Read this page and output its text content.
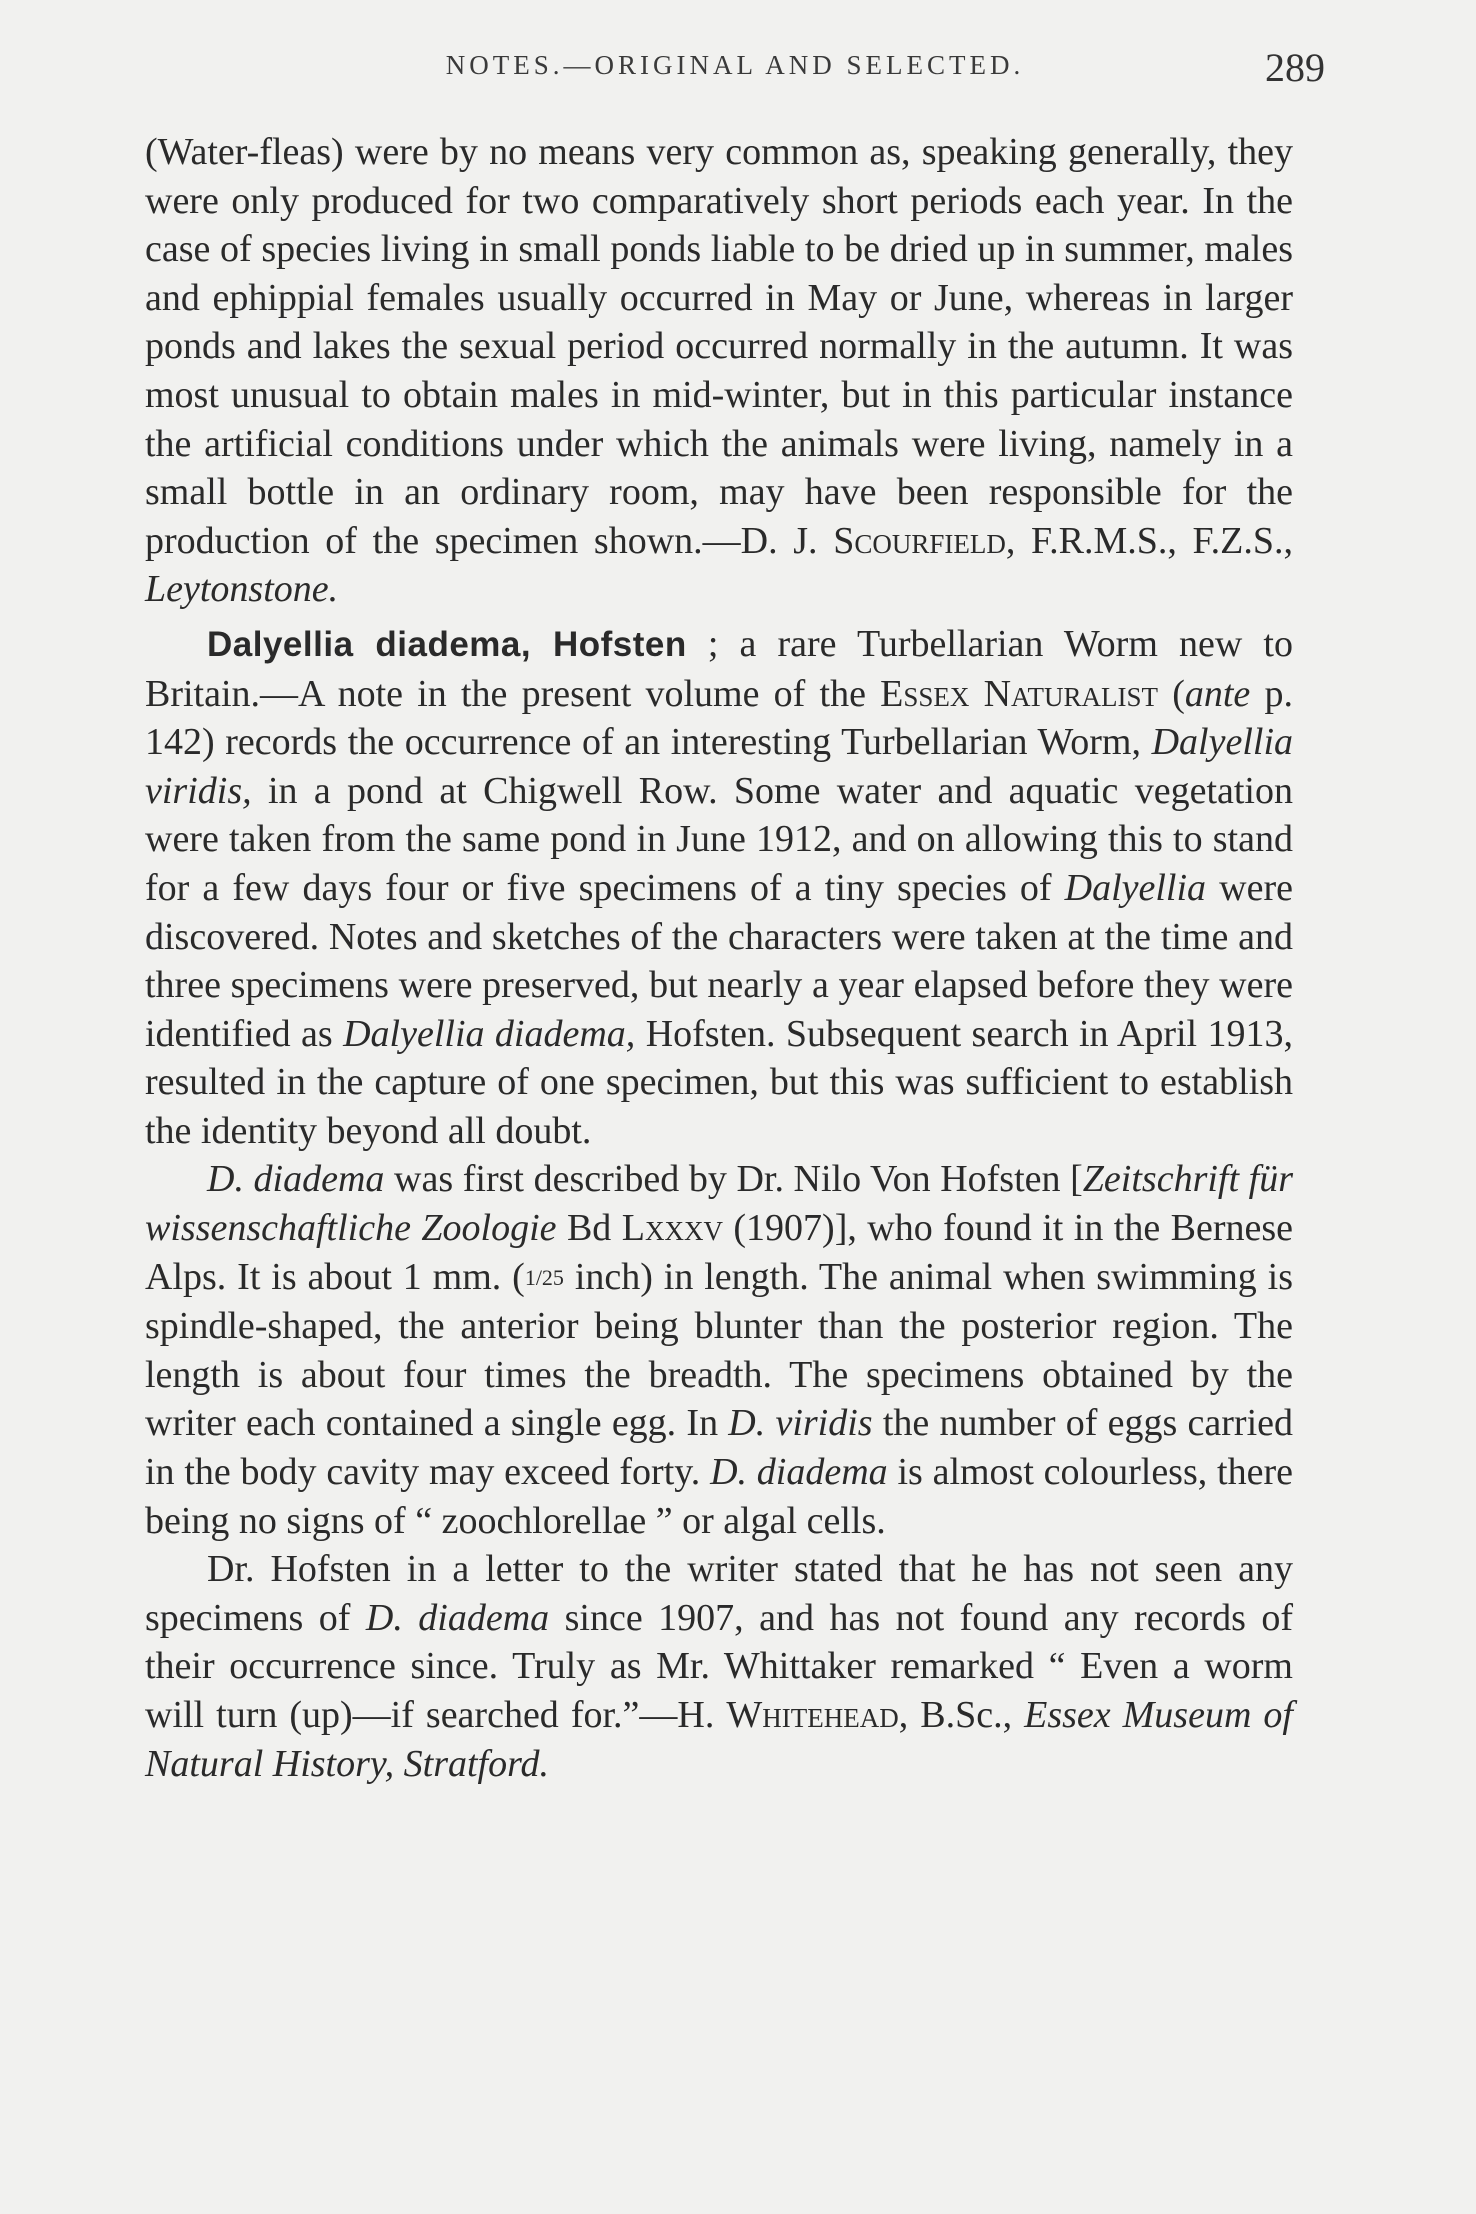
NOTES.—ORIGINAL AND SELECTED.	289

(Water-fleas) were by no means very common as, speaking generally, they were only produced for two comparatively short periods each year. In the case of species living in small ponds liable to be dried up in summer, males and ephippial females usually occurred in May or June, whereas in larger ponds and lakes the sexual period occurred normally in the autumn. It was most unusual to obtain males in mid-winter, but in this particular instance the artificial conditions under which the animals were living, namely in a small bottle in an ordinary room, may have been responsible for the production of the specimen shown.—D. J. Scourfield, F.R.M.S., F.Z.S., Leytonstone.

Dalyellia diadema, Hofsten ; a rare Turbellarian Worm new to Britain.—A note in the present volume of the Essex Naturalist (ante p. 142) records the occurrence of an interesting Turbellarian Worm, Dalyellia viridis, in a pond at Chigwell Row. Some water and aquatic vegetation were taken from the same pond in June 1912, and on allowing this to stand for a few days four or five specimens of a tiny species of Dalyellia were discovered. Notes and sketches of the characters were taken at the time and three specimens were preserved, but nearly a year elapsed before they were identified as Dalyellia diadema, Hofsten. Subsequent search in April 1913, resulted in the capture of one specimen, but this was sufficient to establish the identity beyond all doubt.

D. diadema was first described by Dr. Nilo Von Hofsten [Zeitschrift für wissenschaftliche Zoologie Bd Lxxxv (1907)], who found it in the Bernese Alps. It is about 1 mm. (1/25 inch) in length. The animal when swimming is spindle-shaped, the anterior being blunter than the posterior region. The length is about four times the breadth. The specimens obtained by the writer each contained a single egg. In D. viridis the number of eggs carried in the body cavity may exceed forty. D. diadema is almost colourless, there being no signs of “ zoochlorellae ” or algal cells.

Dr. Hofsten in a letter to the writer stated that he has not seen any specimens of D. diadema since 1907, and has not found any records of their occurrence since. Truly as Mr. Whittaker remarked “ Even a worm will turn (up)—if searched for.”—H. Whitehead, B.Sc., Essex Museum of Natural History, Stratford.
